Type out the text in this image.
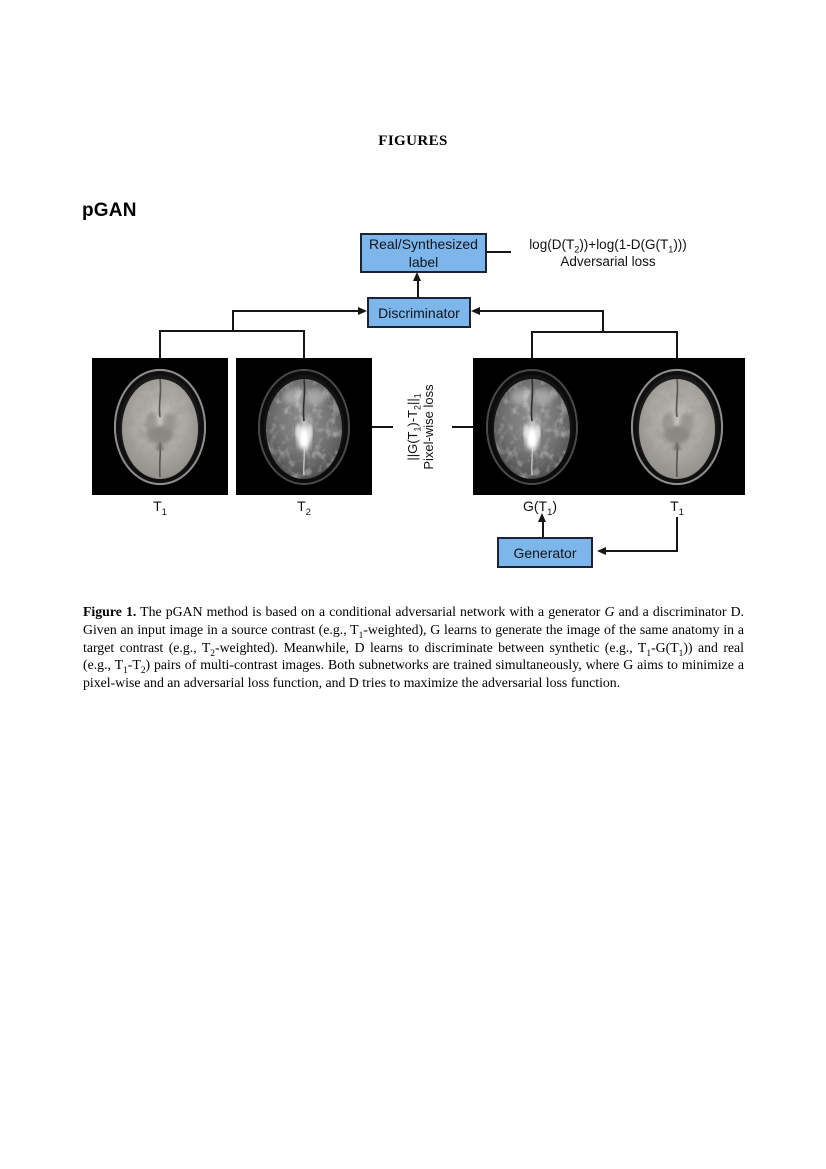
FIGURES
pGAN
Real/Synthesized
label
$\log(D(T_2))+\log(1-D(G(T_1)))$
Adversarial loss
Discriminator
$||G(T_1)-T_2||_1$
Pixel-wise loss
$T_1$	$T_2$	$G(T_1)$	$T_1$
Generator
Figure 1. The pGAN method is based on a conditional adversarial network with a generator G and a discriminator D. Given an input image in a source contrast (e.g., $T_1-weighted$), G learns to generate the image of the same anatomy in a target contrast (e.g., $T_2-weighted$). Meanwhile, D learns to discriminate between synthetic (e.g., $T_1-G(T_1)$) and real (e.g., $T_1-T_2$) pairs of multi-contrast images. Both subnetworks are trained simultaneously, where G aims to minimize a pixel-wise and an adversarial loss function, and D tries to maximize the adversarial loss function.
